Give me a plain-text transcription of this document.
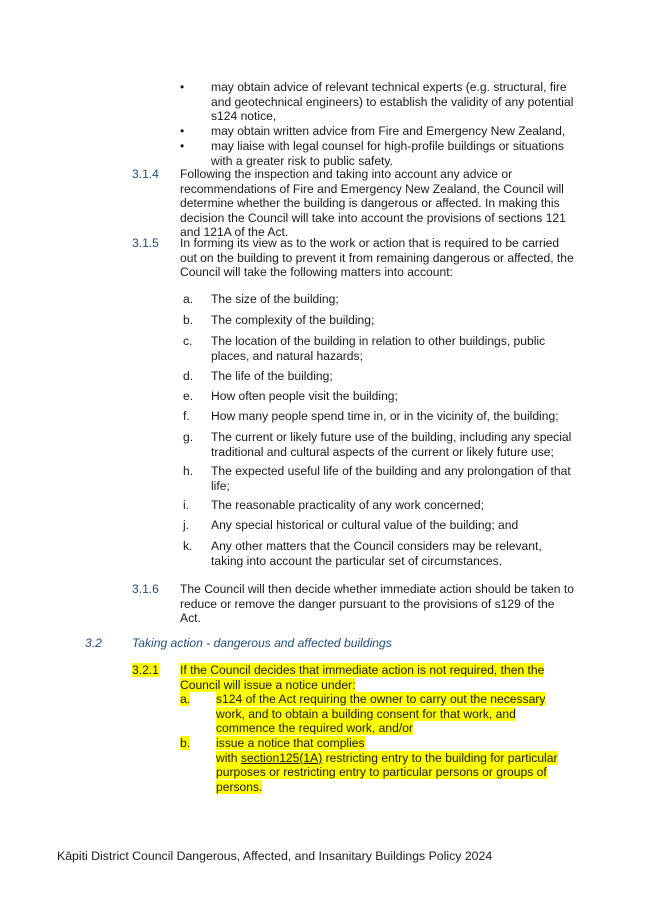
• may obtain advice of relevant technical experts (e.g. structural, fire
and geotechnical engineers) to establish the validity of any potential
s124 notice,
• may obtain written advice from Fire and Emergency New Zealand,
• may liaise with legal counsel for high-profile buildings or situations
with a greater risk to public safety.
3.1.4 Following the inspection and taking into account any advice or
recommendations of Fire and Emergency New Zealand, the Council will
determine whether the building is dangerous or affected. In making this
decision the Council will take into account the provisions of sections 121
and 121A of the Act.
3.1.5 In forming its view as to the work or action that is required to be carried
out on the building to prevent it from remaining dangerous or affected, the
Council will take the following matters into account:
a. The size of the building;
b. The complexity of the building;
c. The location of the building in relation to other buildings, public places, and natural hazards;
d. The life of the building;
e. How often people visit the building;
f. How many people spend time in, or in the vicinity of, the building;
g. The current or likely future use of the building, including any special traditional and cultural aspects of the current or likely future use;
h. The expected useful life of the building and any prolongation of that life;
i. The reasonable practicality of any work concerned;
j. Any special historical or cultural value of the building; and
k. Any other matters that the Council considers may be relevant, taking into account the particular set of circumstances.
3.1.6 The Council will then decide whether immediate action should be taken to
reduce or remove the danger pursuant to the provisions of s129 of the
Act.
3.2 Taking action - dangerous and affected buildings
3.2.1 If the Council decides that immediate action is not required, then the
Council will issue a notice under:
a. s124 of the Act requiring the owner to carry out the necessary
work, and to obtain a building consent for that work, and
commence the required work, and/or
b. issue a notice that complies
with section125(1A) restricting entry to the building for particular
purposes or restricting entry to particular persons or groups of
persons.
Kāpiti District Council Dangerous, Affected, and Insanitary Buildings Policy 2024
